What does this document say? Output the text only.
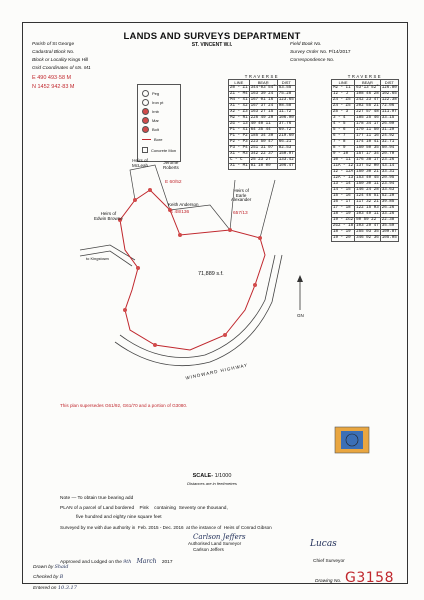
LANDS AND SURVEYS DEPARTMENT
ST. VINCENT W.I.
Parish of St George
Cadastral Block No.
Block or Locality Kings Hill
Grid Coordinates of stn. M1
E 490 493·58 M
N 1452 942·83 M
Field Book No.
Survey Order No. P/14/2017
Correspondence No.
Peg
Iron pt
Irnb
Mar
Bolt
Bore
Concrete Mon
TRAVERSE		
LINE	BEAR	DIST
Z0 - Z1	344°03'54"	53.55
Z1 - M4	163 39 24	75.28
M4 - X1	167 01 16	123.65
X1 - X2	167 37 24	98.58
X2 - Z3	163 27 15	11.72
M2 - R1	226 49 20	106.90
ZG - 13	40 40 11	37.76
P1 - X1	64 35 44	69.72
P1 - P2	185 34 30	219.60
P2 - P3	223 50 47	66.21
P3 - P4	251 31 07	82.53
X1 - M3	342 22 37	150.97
C - C	25 23 27	133.42
X1 - M1	81 10 00	106.47
TRAVERSE		
LINE	BEAR	DIST
M2 - I1	63°13'52"	126.80
I2 - J	108 46 28	102.65
Z4 - Z5	242 23 47	122.38
Z4 - Z5	202 55 21	72.06
Z5 - 3	227 57 48	111.97
3 - 4	185 25 46	33.15
4 - 5	178 34 17	26.09
5 - 6	170 11 50	31.29
6 - 7	177 11 16	24.92
7 - 8	174 10 41	32.71
8 - 9	150 50 35	50.94
9 - 10	157 17 34	20.70
10 - 11	176 38 17	23.26
11A - 12	137 52 00	43.14
12 - 12A	150 30 21	33.31
12A - 13	153 40 45	20.95
13 - 14	150 30 11	23.94
14 - 15	146 24 28	33.63
15 - 16	124 46 51	52.20
16 - 17	117 32 21	39.85
17 - 18	122 15 03	26.26
18 - 19	103 49 11	33.26
19 - ZG2	50 59 22	22.38
ZG2 - 18	103 29 47	35.59
18 - 19	255 03 35	109.87
19 - 20	346 02 36	105.05
Heirs of
McLeah	Jerome
Roberts
E 60/52
Heirs of
Edwin Browne
Keith Anderson
E 48/136
Heirs of
Earle
Alexander
657/13
71,889 s.f.
to Kingstown
WINDWARD HIGHWAY
GN
This plan supersedes G61/92, G61/70 and a portion of G3080.
SCALE- 1/1000
Distances are in feet/metres
Note — To obtain true bearing add
PLAN of a parcel of Land bordered Pink containing Seventy one thousand,
five hundred and eighty nine square feet
Surveyed by me with due authority in Feb. 2015 - Dec. 2016 at the instance of Heirs of Conrad Gibson
Carlson Jeffers
Authorised Land Surveyor
Carlson Jeffers
Approved and Lodged on the 9th March 2017
Lucas
Chief Surveyor
Drawn by Shaid
Checked by B
Entered on 10.3.17
Drawing No. G3158
